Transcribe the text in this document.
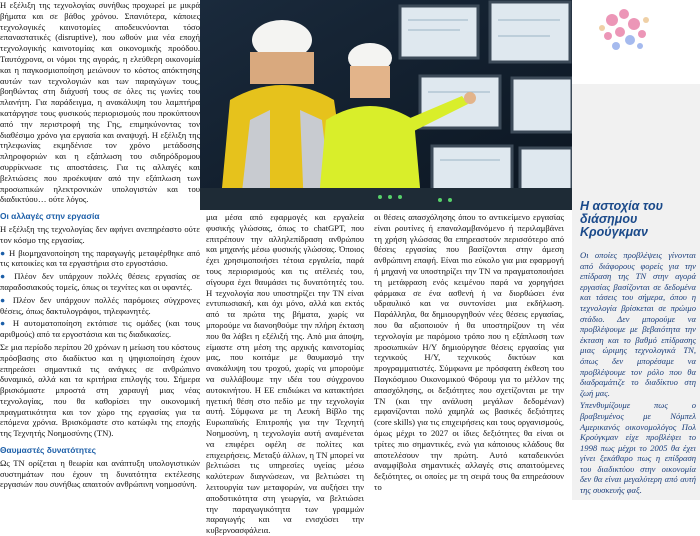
Η εξέλιξη της τεχνολογίας συνήθως προχωρεί με μικρά βήματα και σε βάθος χρόνου. Σπανιότερα, κάποιες τεχνολογικές καινοτομίες αποδεικνύονται τόσο επαναστατικές (disruptive), που ωθούν μια νέα εποχή τεχνολογικής καινοτομίας και οικονομικής προόδου. Ταυτόχρονα, οι νόμοι της αγοράς, η ελεύθερη οικονομία και η παγκοσμιοποίηση μειώνουν το κόστος απόκτησης αυτών των τεχνολογιών και των παραγώγων τους, βοηθώντας στη διάχυσή τους σε όλες τις γωνίες του πλανήτη. Για παράδειγμα, η ανακάλυψη του λαμπτήρα κατάργησε τους φυσικούς περιορισμούς που προκύπτουν από την περιστροφή της Γης, επιμηκύνοντας τον διαθέσιμο χρόνο για εργασία και αναψυχή. Η εξέλιξη της τηλεφωνίας εκμηδένισε τον χρόνο μετάδοσης πληροφοριών και η εξάπλωση του σιδηρόδρομου συρρίκνωσε τις αποστάσεις. Για τις αλλαγές και βελτιώσεις που προέκυψαν από την εξάπλωση των προσωπικών ηλεκτρονικών υπολογιστών και του διαδικτύου… ούτε λόγος.

Οι αλλαγές στην εργασία

Η εξέλιξη της τεχνολογίας δεν αφήνει ανεπηρέαστο ούτε τον κόσμο της εργασίας.

● Η βιομηχανοποίηση της παραγωγής μεταφέρθηκε από τις κατοικίες και τα εργαστήρια στο εργοστάσιο.

● Πλέον δεν υπάρχουν πολλές θέσεις εργασίας σε παραδοσιακούς τομείς, όπως οι τεχνίτες και οι υφαντές.

● Πλέον δεν υπάρχουν πολλές παρόμοιες σύγχρονες θέσεις, όπως δακτυλογράφοι, τηλεφωνητές.

● Η αυτοματοποίηση εκτόπισε τις ομάδες (και τους αριθμούς) από τα εργοστάσια και τις διαδικασίες.

Σε μια περίοδο περίπου 20 χρόνων η μείωση του κόστους πρόσβασης στο διαδίκτυο και η ψηφιοποίηση έχουν επηρεάσει σημαντικά τις ανάγκες σε ανθρώπινο δυναμικό, αλλά και τα κριτήρια επιλογής του. Σήμερα βρισκόμαστε μπροστά στη χαραυγή μιας νέας τεχνολογίας, που θα καθορίσει την οικονομική πραγματικότητα και τον χώρο της εργασίας για τα επόμενα χρόνια. Βρισκόμαστε στο κατώφλι της εποχής της Τεχνητής Νοημοσύνης (ΤΝ).

Θαυμαστές δυνατότητες

Ως ΤΝ ορίζεται η θεωρία και ανάπτυξη υπολογιστικών συστημάτων που έχουν τη δυνατότητα εκτέλεσης εργασιών που συνήθως απαιτούν ανθρώπινη νοημοσύνη.

Η αστοχία του διάσημου Κρούγκμαν

Οι οποίες προβλέψεις γίνονται από διάφορους φορείς για την επίδραση της ΤΝ στην αγορά εργασίας βασίζονται σε δεδομένα και τάσεις του σήμερα, όπου η τεχνολογία βρίσκεται σε πρώιμο στάδιο. Δεν μπορούμε να προβλέψουμε με βεβαιότητα την έκταση και το βαθμό επίδρασης μιας ώριμης τεχνολογικά ΤΝ, όπως δεν μπορέσαμε να προβλέψουμε τον ρόλο που θα διαδραμάτιζε το διαδίκτυο στη ζωή μας.

Υπενθυμίζουμε πως ο βραβευμένος με Νόμπελ Αμερικανός οικονομολόγος Πολ Κρούγκμαν είχε προβλέψει το 1998 πως μέχρι το 2005 θα έχει γίνει ξεκάθαρο πως η επίδραση του διαδικτύου στην οικονομία δεν θα είναι μεγαλύτερη από αυτή της συσκευής φαξ.

μια μέσα από εφαρμογές και εργαλεία φυσικής γλώσσας, όπως το chatGPT, που επιτρέπουν την αλληλεπίδραση ανθρώπου και μηχανής μέσω φυσικής γλώσσας. Όποιος έχει χρησιμοποιήσει τέτοια εργαλεία, παρά τους περιορισμούς και τις ατέλειές του, σίγουρα έχει θαυμάσει τις δυνατότητές του. Η τεχνολογία που υποστηρίζει την ΤΝ είναι εντυπωσιακή, και όχι μόνο, αλλά και εκτός από τα πρώτα της βήματα, χωρίς να μπορούμε να διανοηθούμε την πλήρη έκταση που θα λάβει η εξέλιξή της. Από μια άποψη, είμαστε στη μέση της αρχικής καινοτομίας μας, που κοιτάμε με θαυμασμό την ανακάλυψη του τροχού, χωρίς να μπορούμε να συλλάβουμε την ιδέα του σύγχρονου αυτοκινήτου. Η ΕΕ επιδιώκει να κατακτήσει ηγετική θέση στο πεδίο με την τεχνολογία αυτή. Σύμφωνα με τη Λευκή Βίβλο της Ευρωπαϊκής Επιτροπής για την Τεχνητή Νοημοσύνη, η τεχνολογία αυτή αναμένεται να επιφέρει οφέλη σε πολίτες και επιχειρήσεις. Μεταξύ άλλων, η ΤΝ μπορεί να βελτιώσει τις υπηρεσίες υγείας μέσω καλύτερων διαγνώσεων, να βελτιώσει τη λειτουργία των μεταφορών, να αυξήσει την αποδοτικότητα στη γεωργία, να βελτιώσει την παραγωγικότητα των γραμμών παραγωγής και να ενισχύσει την κυβερνοασφάλεια.

οι θέσεις απασχόλησης όπου το αντικείμενο εργασίας είναι ρουτίνες ή επαναλαμβανόμενο ή περιλαμβάνει τη χρήση γλώσσας θα επηρεαστούν περισσότερο από θέσεις εργασίας που βασίζονται στην άμεση ανθρώπινη επαφή. Είναι πιο εύκολο για μια εφαρμογή ή μηχανή να υποστηρίζει την ΤΝ να πραγματοποιήσει τη μετάφραση ενός κειμένου παρά να χορηγήσει φάρμακα σε ένα ασθενή ή να διορθώσει ένα υδραυλικό και να συντονίσει μια εκδήλωση. Παράλληλα, θα δημιουργηθούν νέες θέσεις εργασίας, που θα αξιοποιούν ή θα υποστηρίζουν τη νέα τεχνολογία με παρόμοιο τρόπο που η εξάπλωση των προσωπικών Η/Υ δημιούργησε θέσεις εργασίας για τεχνικούς Η/Υ, τεχνικούς δικτύων και προγραμματιστές. Σύμφωνα με πρόσφατη έκθεση του Παγκόσμιου Οικονομικού Φόρουμ για το μέλλον της απασχόλησης, οι δεξιότητες που σχετίζονται με την ΤΝ (και την ανάλυση μεγάλων δεδομένων) εμφανίζονται πολύ χαμηλά ως βασικές δεξιότητες (core skills) για τις επιχειρήσεις και τους οργανισμούς, όμως μέχρι το 2027 οι ίδιες δεξιότητες θα είναι οι τρίτες πιο σημαντικές, ενώ για κάποιους κλάδους θα αποτελέσουν την πρώτη. Αυτό καταδεικνύει αναμφίβολα σημαντικές αλλαγές στις απαιτούμενες δεξιότητες, οι οποίες με τη σειρά τους θα επηρεάσουν το
